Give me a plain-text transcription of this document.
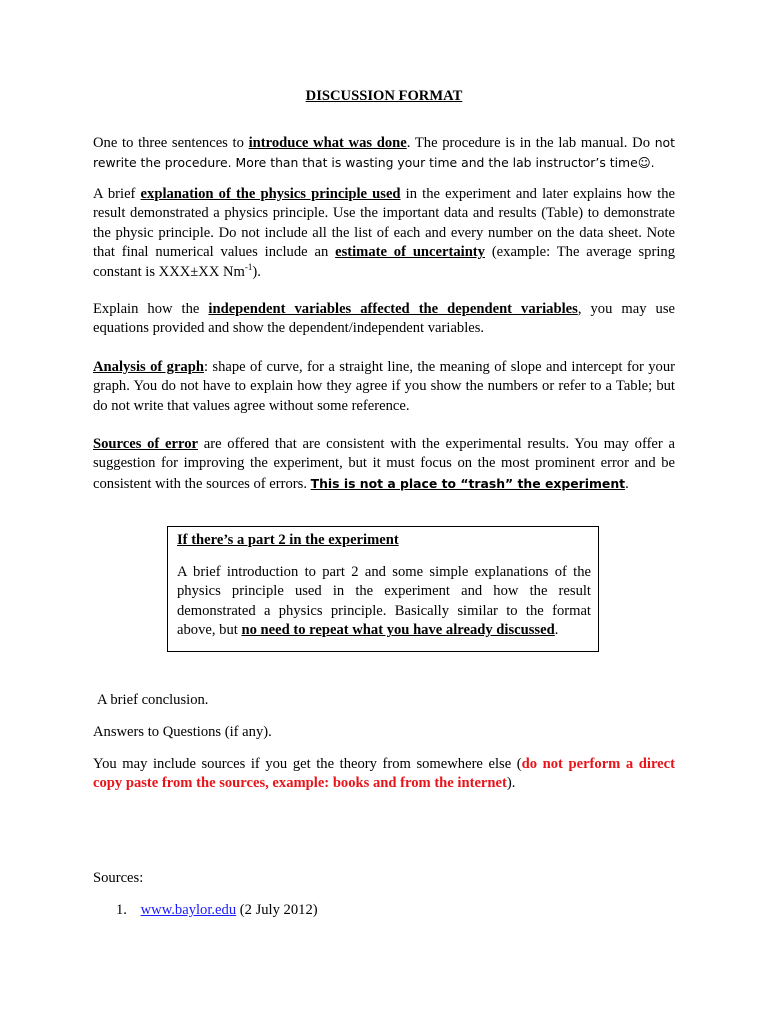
DISCUSSION FORMAT

One to three sentences to introduce what was done. The procedure is in the lab manual. Do not rewrite the procedure. More than that is wasting your time and the lab instructor’s time☺.

A brief explanation of the physics principle used in the experiment and later explains how the result demonstrated a physics principle. Use the important data and results (Table) to demonstrate the physic principle. Do not include all the list of each and every number on the data sheet. Note that final numerical values include an estimate of uncertainty (example: The average spring constant is XXX±XX $Nm^{-1}$).

Explain how the independent variables affected the dependent variables, you may use equations provided and show the dependent/independent variables.

Analysis of graph: shape of curve, for a straight line, the meaning of slope and intercept for your graph. You do not have to explain how they agree if you show the numbers or refer to a Table; but do not write that values agree without some reference.

Sources of error are offered that are consistent with the experimental results. You may offer a suggestion for improving the experiment, but it must focus on the most prominent error and be consistent with the sources of errors. This is not a place to “trash” the experiment.

If there’s a part 2 in the experiment

A brief introduction to part 2 and some simple explanations of the physics principle used in the experiment and how the result demonstrated a physics principle. Basically similar to the format above, but no need to repeat what you have already discussed.

A brief conclusion.

Answers to Questions (if any).

You may include sources if you get the theory from somewhere else (do not perform a direct copy paste from the sources, example: books and from the internet).

Sources:

1. www.baylor.edu (2 July 2012)
